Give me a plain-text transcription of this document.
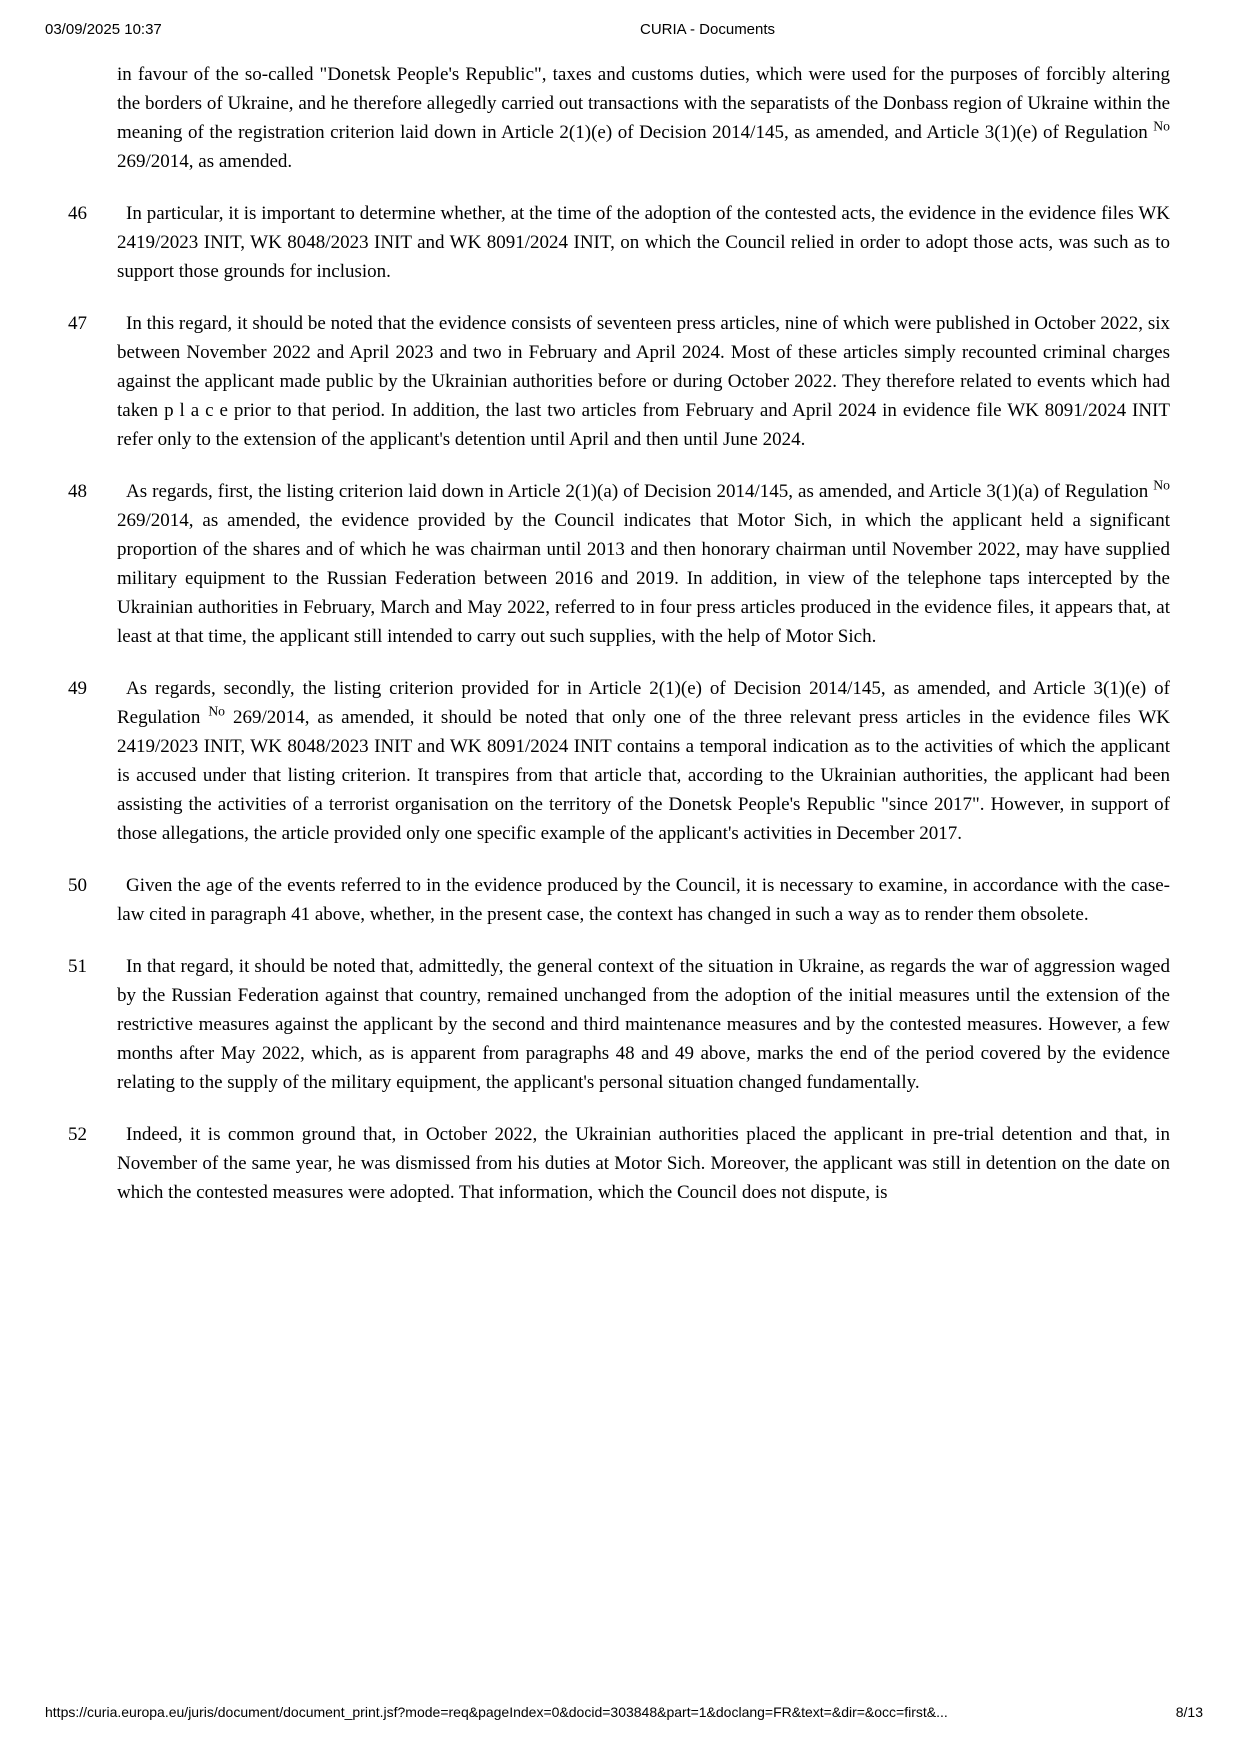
03/09/2025 10:37	CURIA - Documents
in favour of the so-called "Donetsk People's Republic", taxes and customs duties, which were used for the purposes of forcibly altering the borders of Ukraine, and he therefore allegedly carried out transactions with the separatists of the Donbass region of Ukraine within the meaning of the registration criterion laid down in Article 2(1)(e) of Decision 2014/145, as amended, and Article 3(1)(e) of Regulation $^{No}$ 269/2014, as amended.
46	In particular, it is important to determine whether, at the time of the adoption of the contested acts, the evidence in the evidence files WK 2419/2023 INIT, WK 8048/2023 INIT and WK 8091/2024 INIT, on which the Council relied in order to adopt those acts, was such as to support those grounds for inclusion.
47	In this regard, it should be noted that the evidence consists of seventeen press articles, nine of which were published in October 2022, six between November 2022 and April 2023 and two in February and April 2024. Most of these articles simply recounted criminal charges against the applicant made public by the Ukrainian authorities before or during October 2022. They therefore related to events which had taken p l a c e prior to that period. In addition, the last two articles from February and April 2024 in evidence file WK 8091/2024 INIT refer only to the extension of the applicant's detention until April and then until June 2024.
48	As regards, first, the listing criterion laid down in Article 2(1)(a) of Decision 2014/145, as amended, and Article 3(1)(a) of Regulation $^{No}$ 269/2014, as amended, the evidence provided by the Council indicates that Motor Sich, in which the applicant held a significant proportion of the shares and of which he was chairman until 2013 and then honorary chairman until November 2022, may have supplied military equipment to the Russian Federation between 2016 and 2019. In addition, in view of the telephone taps intercepted by the Ukrainian authorities in February, March and May 2022, referred to in four press articles produced in the evidence files, it appears that, at least at that time, the applicant still intended to carry out such supplies, with the help of Motor Sich.
49	As regards, secondly, the listing criterion provided for in Article 2(1)(e) of Decision 2014/145, as amended, and Article 3(1)(e) of Regulation $^{No}$ 269/2014, as amended, it should be noted that only one of the three relevant press articles in the evidence files WK 2419/2023 INIT, WK 8048/2023 INIT and WK 8091/2024 INIT contains a temporal indication as to the activities of which the applicant is accused under that listing criterion. It transpires from that article that, according to the Ukrainian authorities, the applicant had been assisting the activities of a terrorist organisation on the territory of the Donetsk People's Republic "since 2017". However, in support of those allegations, the article provided only one specific example of the applicant's activities in December 2017.
50	Given the age of the events referred to in the evidence produced by the Council, it is necessary to examine, in accordance with the case-law cited in paragraph 41 above, whether, in the present case, the context has changed in such a way as to render them obsolete.
51	In that regard, it should be noted that, admittedly, the general context of the situation in Ukraine, as regards the war of aggression waged by the Russian Federation against that country, remained unchanged from the adoption of the initial measures until the extension of the restrictive measures against the applicant by the second and third maintenance measures and by the contested measures. However, a few months after May 2022, which, as is apparent from paragraphs 48 and 49 above, marks the end of the period covered by the evidence relating to the supply of the military equipment, the applicant's personal situation changed fundamentally.
52	Indeed, it is common ground that, in October 2022, the Ukrainian authorities placed the applicant in pre-trial detention and that, in November of the same year, he was dismissed from his duties at Motor Sich. Moreover, the applicant was still in detention on the date on which the contested measures were adopted. That information, which the Council does not dispute, is
https://curia.europa.eu/juris/document/document_print.jsf?mode=req&pageIndex=0&docid=303848&part=1&doclang=FR&text=&dir=&occ=first&...	8/13
